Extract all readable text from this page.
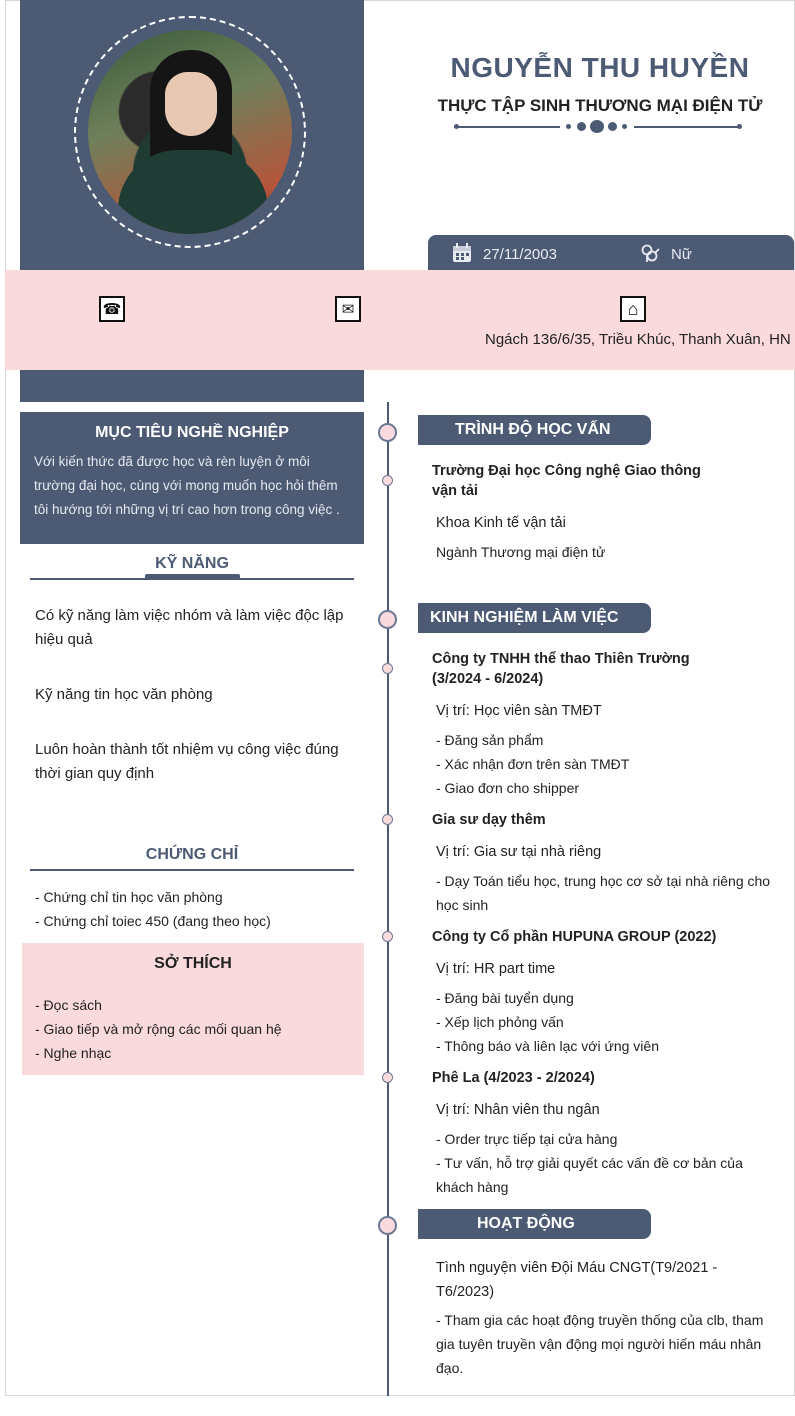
NGUYỄN THU HUYỀN
THỰC TẬP SINH THƯƠNG MẠI ĐIỆN TỬ
27/11/2003	Nữ
☎	✉	⌂
Ngách 136/6/35, Triều Khúc, Thanh Xuân, HN
MỤC TIÊU NGHỀ NGHIỆP

Với kiến thức đã được học và rèn luyện ở môi trường đại học, cùng với mong muốn học hỏi thêm tôi hướng tới những vị trí cao hơn trong công việc .

KỸ NĂNG
Có kỹ năng làm việc nhóm và làm việc độc lập hiệu quả
Kỹ năng tin học văn phòng
Luôn hoàn thành tốt nhiệm vụ công việc đúng thời gian quy định
CHỨNG CHỈ
- Chứng chỉ tin học văn phòng
- Chứng chỉ toiec 450 (đang theo học)
SỞ THÍCH
- Đọc sách
- Giao tiếp và mở rộng các mối quan hệ
- Nghe nhạc
TRÌNH ĐỘ HỌC VẤN
Trường Đại học Công nghệ Giao thông vận tải
Khoa Kinh tế vận tải
Ngành Thương mại điện tử
KINH NGHIỆM LÀM VIỆC
Công ty TNHH thể thao Thiên Trường (3/2024 - 6/2024)
Vị trí: Học viên sàn TMĐT
- Đăng sản phẩm
- Xác nhận đơn trên sàn TMĐT
- Giao đơn cho shipper
Gia sư dạy thêm
Vị trí: Gia sư tại nhà riêng
- Dạy Toán tiểu học, trung học cơ sở tại nhà riêng cho học sinh
Công ty Cổ phần HUPUNA GROUP (2022)
Vị trí: HR part time
- Đăng bài tuyển dụng
- Xếp lịch phỏng vấn
- Thông báo và liên lạc với ứng viên
Phê La (4/2023 - 2/2024)
Vị trí: Nhân viên thu ngân
- Order trực tiếp tại cửa hàng
- Tư vấn, hỗ trợ giải quyết các vấn đề cơ bản của khách hàng
HOẠT ĐỘNG
Tình nguyện viên Đội Máu CNGT(T9/2021 - T6/2023)
- Tham gia các hoạt động truyền thống của clb, tham gia tuyên truyền vận động mọi người hiến máu nhân đạo.
